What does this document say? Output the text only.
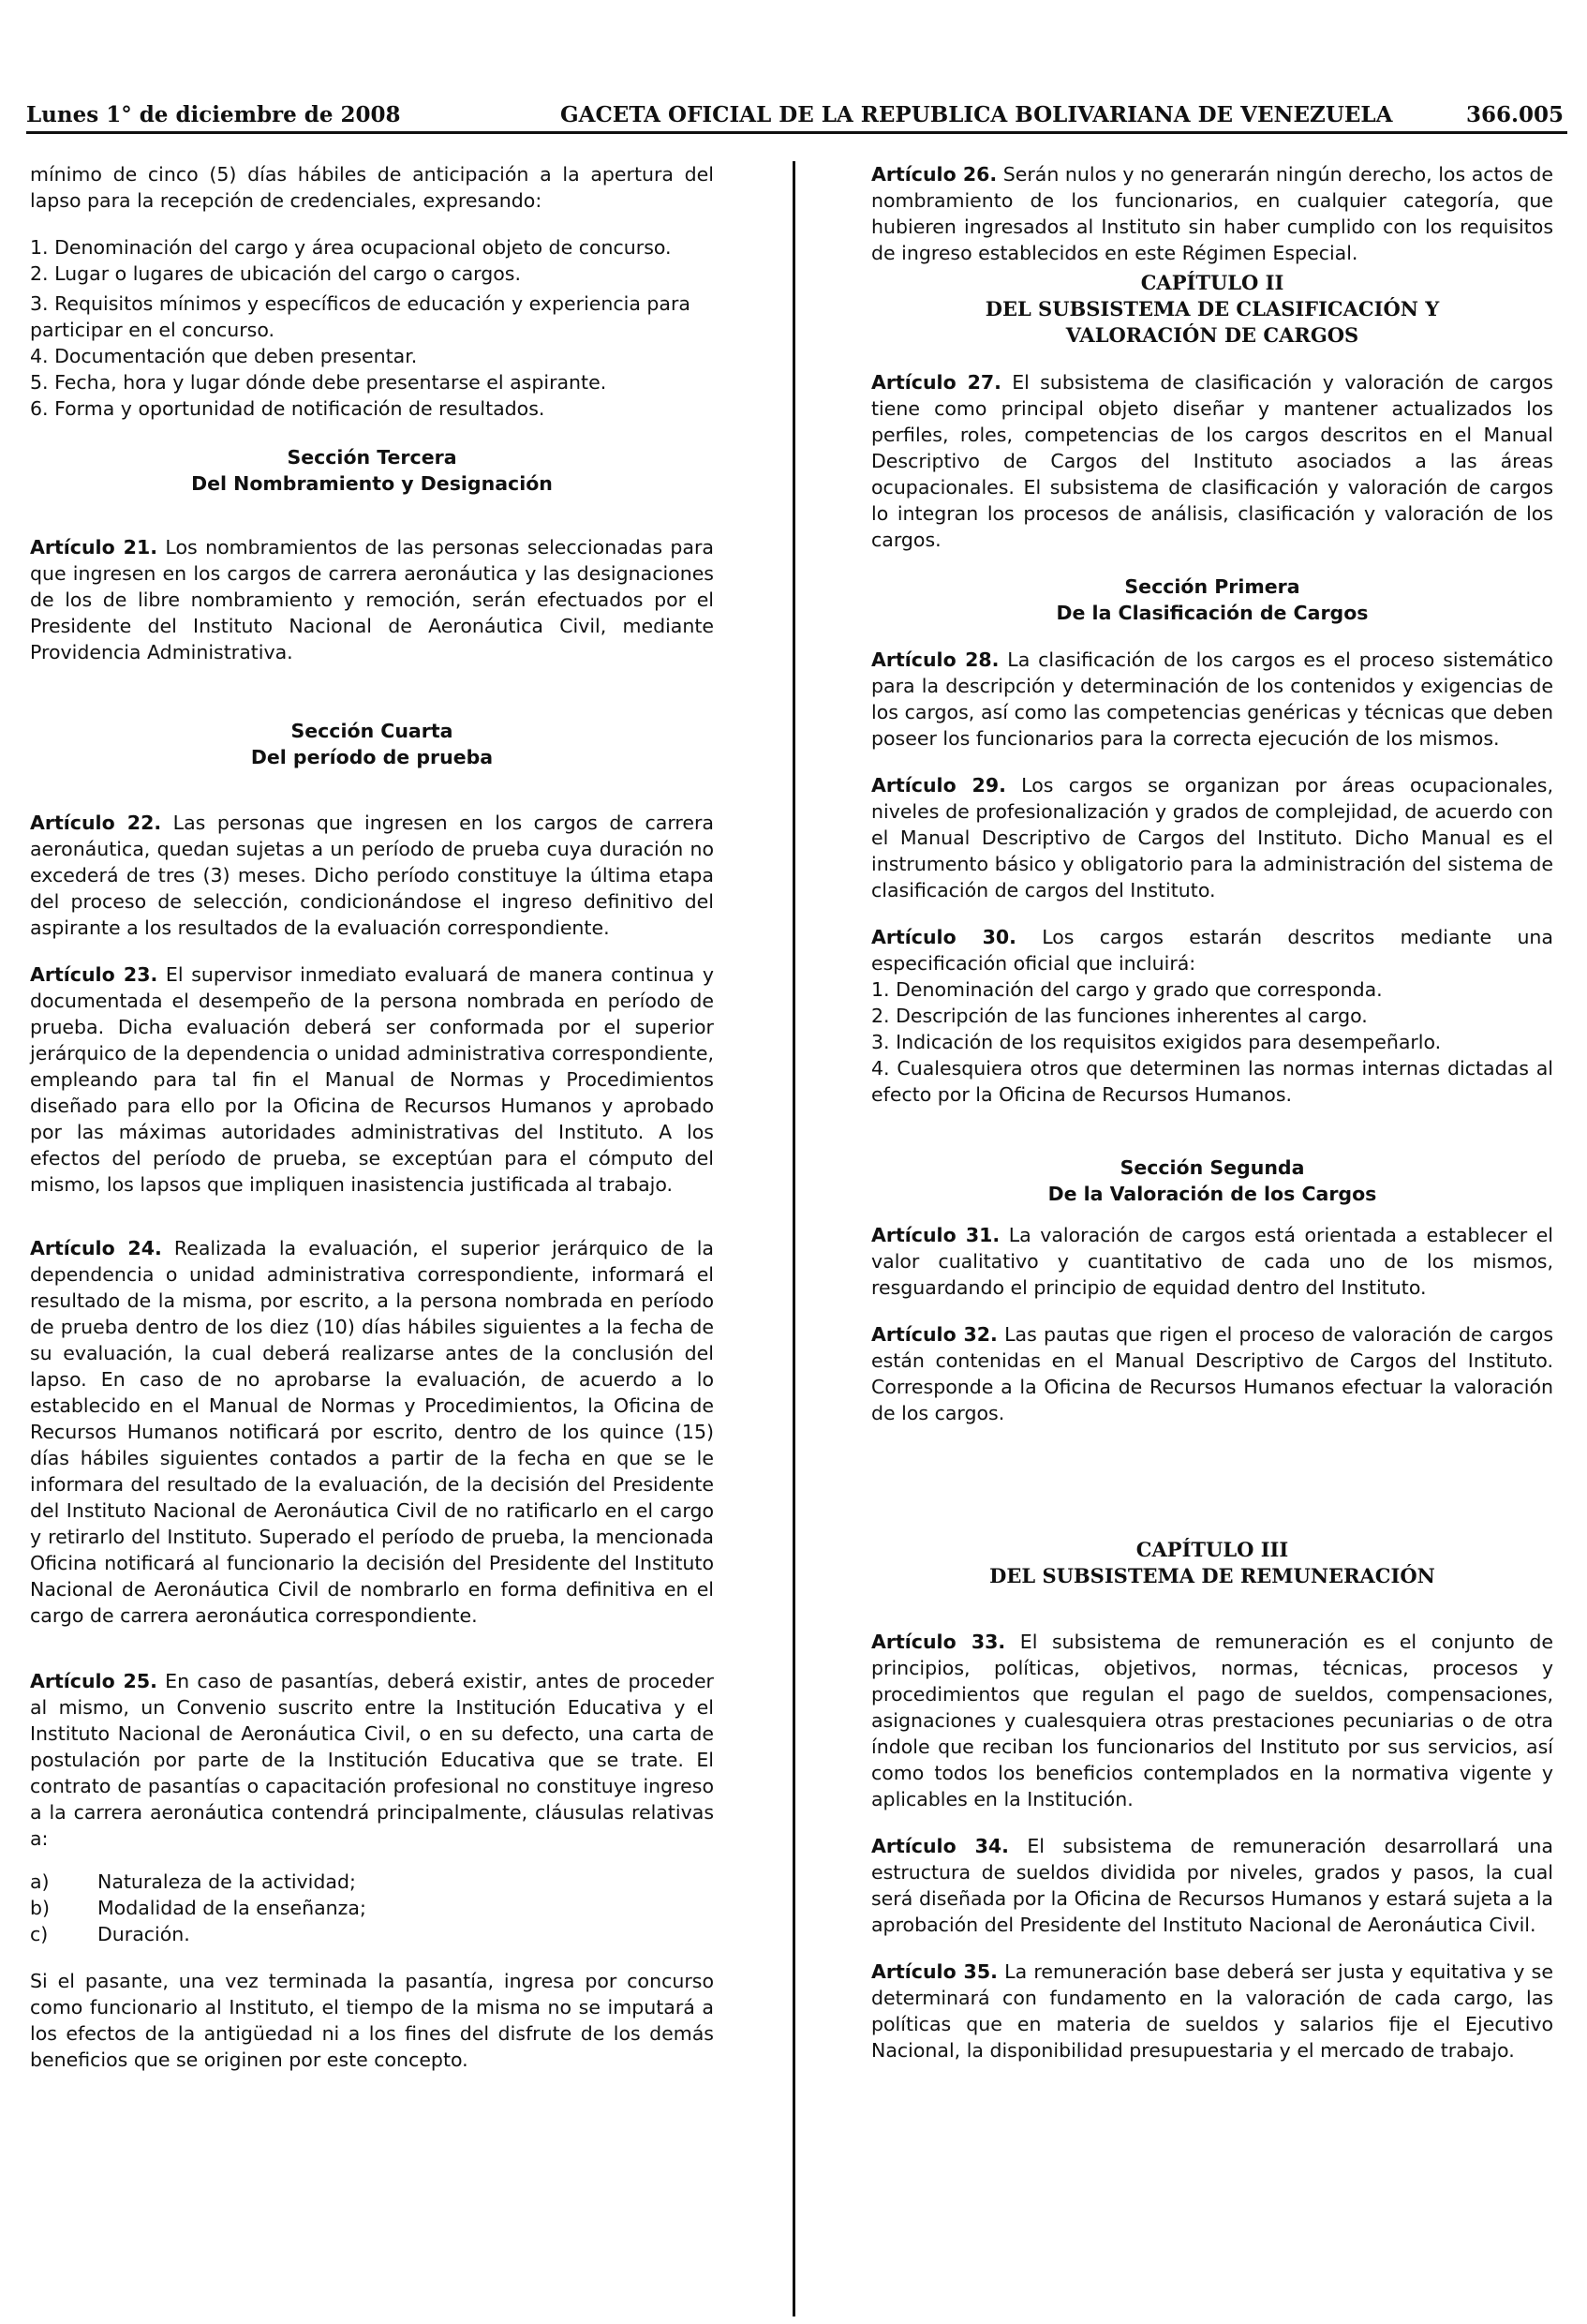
Lunes 1° de diciembre de 2008	GACETA OFICIAL DE LA REPUBLICA BOLIVARIANA DE VENEZUELA	366.005

mínimo de cinco (5) días hábiles de anticipación a la apertura del lapso para la recepción de credenciales, expresando:

1. Denominación del cargo y área ocupacional objeto de concurso.

2. Lugar o lugares de ubicación del cargo o cargos.

3. Requisitos mínimos y específicos de educación y experiencia para participar en el concurso.

4. Documentación que deben presentar.

5. Fecha, hora y lugar dónde debe presentarse el aspirante.

6. Forma y oportunidad de notificación de resultados.

Sección Tercera

Del Nombramiento y Designación

Artículo 21. Los nombramientos de las personas seleccionadas para que ingresen en los cargos de carrera aeronáutica y las designaciones de los de libre nombramiento y remoción, serán efectuados por el Presidente del Instituto Nacional de Aeronáutica Civil, mediante Providencia Administrativa.

Sección Cuarta

Del período de prueba

Artículo 22. Las personas que ingresen en los cargos de carrera aeronáutica, quedan sujetas a un período de prueba cuya duración no excederá de tres (3) meses. Dicho período constituye la última etapa del proceso de selección, condicionándose el ingreso definitivo del aspirante a los resultados de la evaluación correspondiente.

Artículo 23. El supervisor inmediato evaluará de manera continua y documentada el desempeño de la persona nombrada en período de prueba. Dicha evaluación deberá ser conformada por el superior jerárquico de la dependencia o unidad administrativa correspondiente, empleando para tal fin el Manual de Normas y Procedimientos diseñado para ello por la Oficina de Recursos Humanos y aprobado por las máximas autoridades administrativas del Instituto. A los efectos del período de prueba, se exceptúan para el cómputo del mismo, los lapsos que impliquen inasistencia justificada al trabajo.

Artículo 24. Realizada la evaluación, el superior jerárquico de la dependencia o unidad administrativa correspondiente, informará el resultado de la misma, por escrito, a la persona nombrada en período de prueba dentro de los diez (10) días hábiles siguientes a la fecha de su evaluación, la cual deberá realizarse antes de la conclusión del lapso. En caso de no aprobarse la evaluación, de acuerdo a lo establecido en el Manual de Normas y Procedimientos, la Oficina de Recursos Humanos notificará por escrito, dentro de los quince (15) días hábiles siguientes contados a partir de la fecha en que se le informara del resultado de la evaluación, de la decisión del Presidente del Instituto Nacional de Aeronáutica Civil de no ratificarlo en el cargo y retirarlo del Instituto. Superado el período de prueba, la mencionada Oficina notificará al funcionario la decisión del Presidente del Instituto Nacional de Aeronáutica Civil de nombrarlo en forma definitiva en el cargo de carrera aeronáutica correspondiente.

Artículo 25. En caso de pasantías, deberá existir, antes de proceder al mismo, un Convenio suscrito entre la Institución Educativa y el Instituto Nacional de Aeronáutica Civil, o en su defecto, una carta de postulación por parte de la Institución Educativa que se trate. El contrato de pasantías o capacitación profesional no constituye ingreso a la carrera aeronáutica contendrá principalmente, cláusulas relativas a:

a)	Naturaleza de la actividad;
b)	Modalidad de la enseñanza;
c)	Duración.

Si el pasante, una vez terminada la pasantía, ingresa por concurso como funcionario al Instituto, el tiempo de la misma no se imputará a los efectos de la antigüedad ni a los fines del disfrute de los demás beneficios que se originen por este concepto.

Artículo 26. Serán nulos y no generarán ningún derecho, los actos de nombramiento de los funcionarios, en cualquier categoría, que hubieren ingresados al Instituto sin haber cumplido con los requisitos de ingreso establecidos en este Régimen Especial.

CAPÍTULO II

DEL SUBSISTEMA DE CLASIFICACIÓN Y

VALORACIÓN DE CARGOS

Artículo 27. El subsistema de clasificación y valoración de cargos tiene como principal objeto diseñar y mantener actualizados los perfiles, roles, competencias de los cargos descritos en el Manual Descriptivo de Cargos del Instituto asociados a las áreas ocupacionales. El subsistema de clasificación y valoración de cargos lo integran los procesos de análisis, clasificación y valoración de los cargos.

Sección Primera

De la Clasificación de Cargos

Artículo 28. La clasificación de los cargos es el proceso sistemático para la descripción y determinación de los contenidos y exigencias de los cargos, así como las competencias genéricas y técnicas que deben poseer los funcionarios para la correcta ejecución de los mismos.

Artículo 29. Los cargos se organizan por áreas ocupacionales, niveles de profesionalización y grados de complejidad, de acuerdo con el Manual Descriptivo de Cargos del Instituto. Dicho Manual es el instrumento básico y obligatorio para la administración del sistema de clasificación de cargos del Instituto.

Artículo 30. Los cargos estarán descritos mediante una especificación oficial que incluirá:

1. Denominación del cargo y grado que corresponda.

2. Descripción de las funciones inherentes al cargo.

3. Indicación de los requisitos exigidos para desempeñarlo.

4. Cualesquiera otros que determinen las normas internas dictadas al efecto por la Oficina de Recursos Humanos.

Sección Segunda

De la Valoración de los Cargos

Artículo 31. La valoración de cargos está orientada a establecer el valor cualitativo y cuantitativo de cada uno de los mismos, resguardando el principio de equidad dentro del Instituto.

Artículo 32. Las pautas que rigen el proceso de valoración de cargos están contenidas en el Manual Descriptivo de Cargos del Instituto. Corresponde a la Oficina de Recursos Humanos efectuar la valoración de los cargos.

CAPÍTULO III

DEL SUBSISTEMA DE REMUNERACIÓN

Artículo 33. El subsistema de remuneración es el conjunto de principios, políticas, objetivos, normas, técnicas, procesos y procedimientos que regulan el pago de sueldos, compensaciones, asignaciones y cualesquiera otras prestaciones pecuniarias o de otra índole que reciban los funcionarios del Instituto por sus servicios, así como todos los beneficios contemplados en la normativa vigente y aplicables en la Institución.

Artículo 34. El subsistema de remuneración desarrollará una estructura de sueldos dividida por niveles, grados y pasos, la cual será diseñada por la Oficina de Recursos Humanos y estará sujeta a la aprobación del Presidente del Instituto Nacional de Aeronáutica Civil.

Artículo 35. La remuneración base deberá ser justa y equitativa y se determinará con fundamento en la valoración de cada cargo, las políticas que en materia de sueldos y salarios fije el Ejecutivo Nacional, la disponibilidad presupuestaria y el mercado de trabajo.
